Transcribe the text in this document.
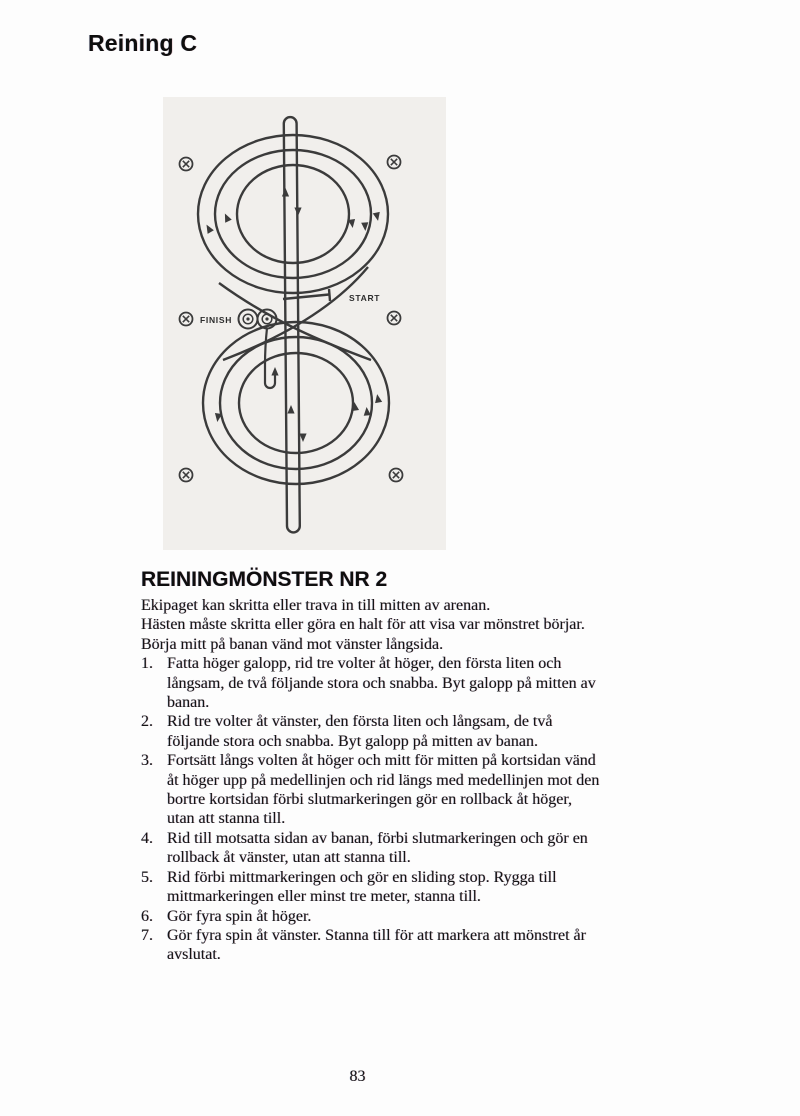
Reining C
START
FINISH
REININGMÖNSTER NR 2

Ekipaget kan skritta eller trava in till mitten av arenan.

Hästen måste skritta eller göra en halt för att visa var mönstret börjar.

Börja mitt på banan vänd mot vänster långsida.

1. Fatta höger galopp, rid tre volter åt höger, den första liten och långsam, de två följande stora och snabba. Byt galopp på mitten av banan.
2. Rid tre volter åt vänster, den första liten och långsam, de två följande stora och snabba. Byt galopp på mitten av banan.
3. Fortsätt långs volten åt höger och mitt för mitten på kortsidan vänd åt höger upp på medellinjen och rid längs med medellinjen mot den bortre kortsidan förbi slutmarkeringen gör en rollback åt höger, utan att stanna till.
4. Rid till motsatta sidan av banan, förbi slutmarkeringen och gör en rollback åt vänster, utan att stanna till.
5. Rid förbi mittmarkeringen och gör en sliding stop. Rygga till mittmarkeringen eller minst tre meter, stanna till.
6. Gör fyra spin åt höger.
7. Gör fyra spin åt vänster. Stanna till för att markera att mönstret år avslutat.
83
